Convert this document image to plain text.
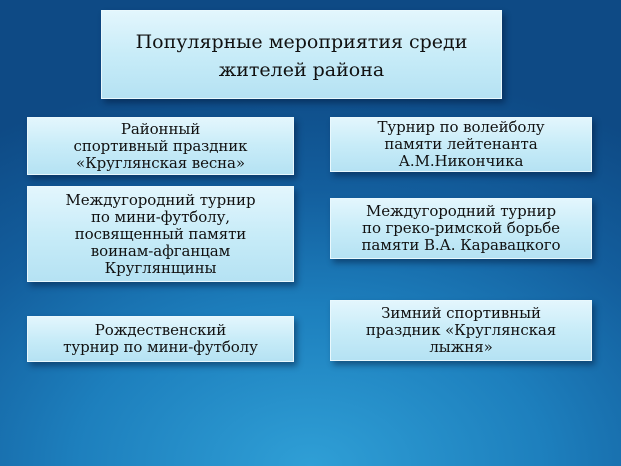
Популярные мероприятия среди
жителей района
Районный
спортивный праздник
«Круглянская весна»
Турнир по волейболу
памяти лейтенанта
А.М.Никончика
Междугородний турнир
по мини-футболу,
посвященный памяти
воинам-афганцам
Круглянщины
Междугородний турнир
по греко-римской борьбе
памяти В.А. Каравацкого
Рождественский
турнир по мини-футболу
Зимний спортивный
праздник «Круглянская
лыжня»
